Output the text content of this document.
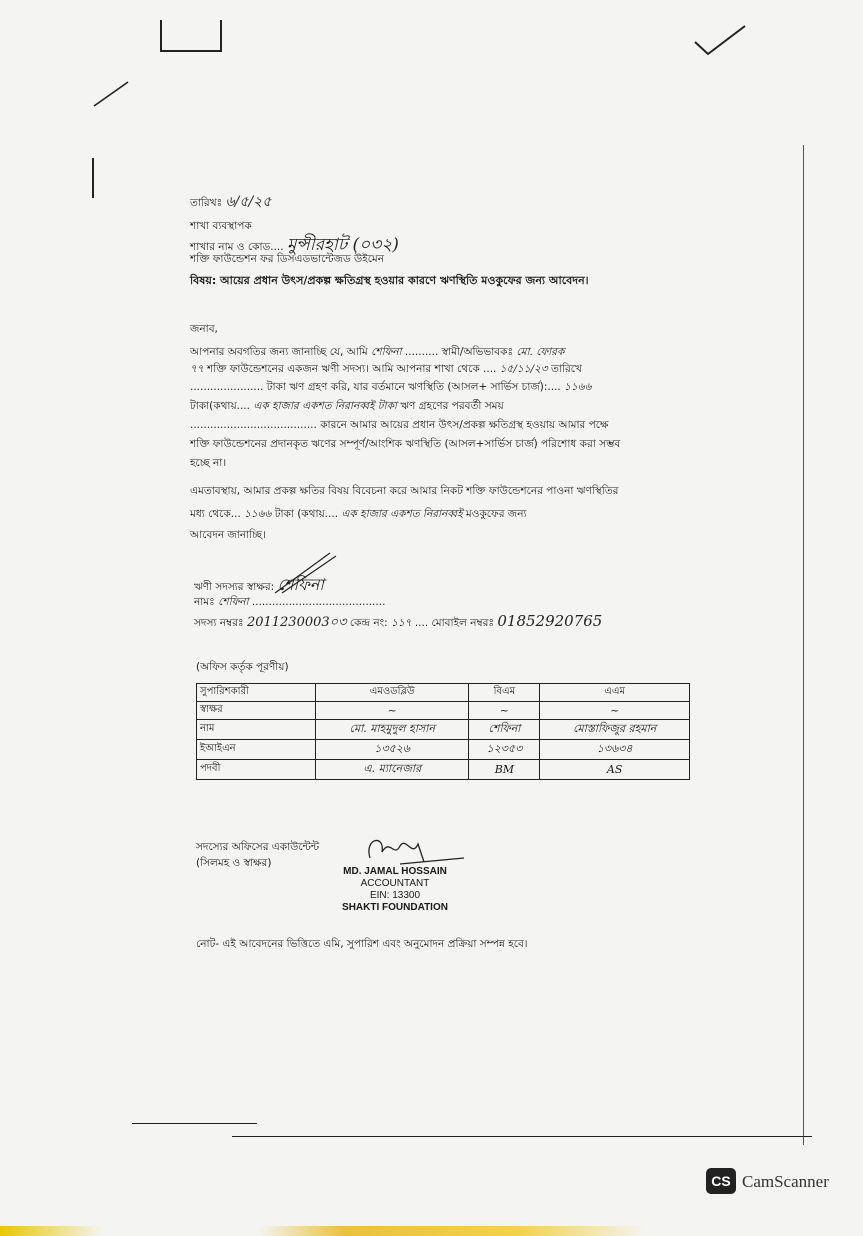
তারিখঃ ৬/৫/২৫
শাখা ব্যবস্থাপক
শাখার নাম ও কোড.... মুন্সীরহাট (০৩২)
শক্তি ফাউন্ডেশন ফর ডিসএডভান্টেজড উইমেন
বিষয়: আয়ের প্রধান উৎস/প্রকল্প ক্ষতিগ্রস্থ হওয়ার কারণে ঋণস্থিতি মওকুফের জন্য আবেদন।
জনাব,
আপনার অবগতির জন্য জানাচ্ছি যে, আমি শেফিনা .......... স্বামী/অভিভাবকঃ মো. ফোরক
৭৭ শক্তি ফাউন্ডেশনের একজন ঋণী সদস্য। আমি আপনার শাখা থেকে .... ১৫/১১/২৩ তারিখে
...................... টাকা ঋণ গ্রহণ করি, যার বর্তমানে ঋণস্থিতি (আসল+ সার্ভিস চার্জ):.... ১১৬৬
টাকা(কথায়.... এক হাজার একশত নিরানব্বই টাকা ঋণ গ্রহণের পরবর্তী সময়
...................................... কারনে আমার আয়ের প্রধান উৎস/প্রকল্প ক্ষতিগ্রস্থ হওয়ায় আমার পক্ষে
শক্তি ফাউন্ডেশনের প্রদানকৃত ঋণের সম্পূর্ণ/আংশিক ঋণস্থিতি (আসল+সার্ভিস চার্জ) পরিশোধ করা সম্ভব
হচ্ছে না।
এমতাবস্থায়, আমার প্রকল্প ক্ষতির বিষয় বিবেচনা করে আমার নিকট শক্তি ফাউন্ডেশনের পাওনা ঋণস্থিতির
মধ্য থেকে... ১১৬৬ টাকা (কথায়.... এক হাজার একশত নিরানব্বই মওকুফের জন্য
আবেদন জানাচ্ছি।
ঋণী সদস্যর স্বাক্ষর: শেফিনা
নামঃ শেফিনা ........................................
সদস্য নম্বরঃ 2011230003০৩ কেন্দ্র নং: ১১৭ .... মোবাইল নম্বরঃ 01852920765
(অফিস কর্তৃক পূরণীয়)
সুপারিশকারী	এমওডব্লিউ	বিএম	এএম
স্বাক্ষর	~	~	~
নাম	মো. মাহমুদুল হাসান	শেফিনা	মোস্তাফিজুর রহমান
ইআইএন	১৩৫২৬	১২৩৫৩	১৩৬৩৪
পদবী	এ. ম্যানেজার	BM	AS
সদস্যের অফিসের একাউন্টেন্ট
(সিলমহ ও স্বাক্ষর)
MD. JAMAL HOSSAIN
ACCOUNTANT
EIN: 13300
SHAKTI FOUNDATION
নোট- এই আবেদনের ভিত্তিতে এমি, সুপারিশ এবং অনুমোদন প্রক্রিয়া সম্পন্ন হবে।
CS CamScanner
